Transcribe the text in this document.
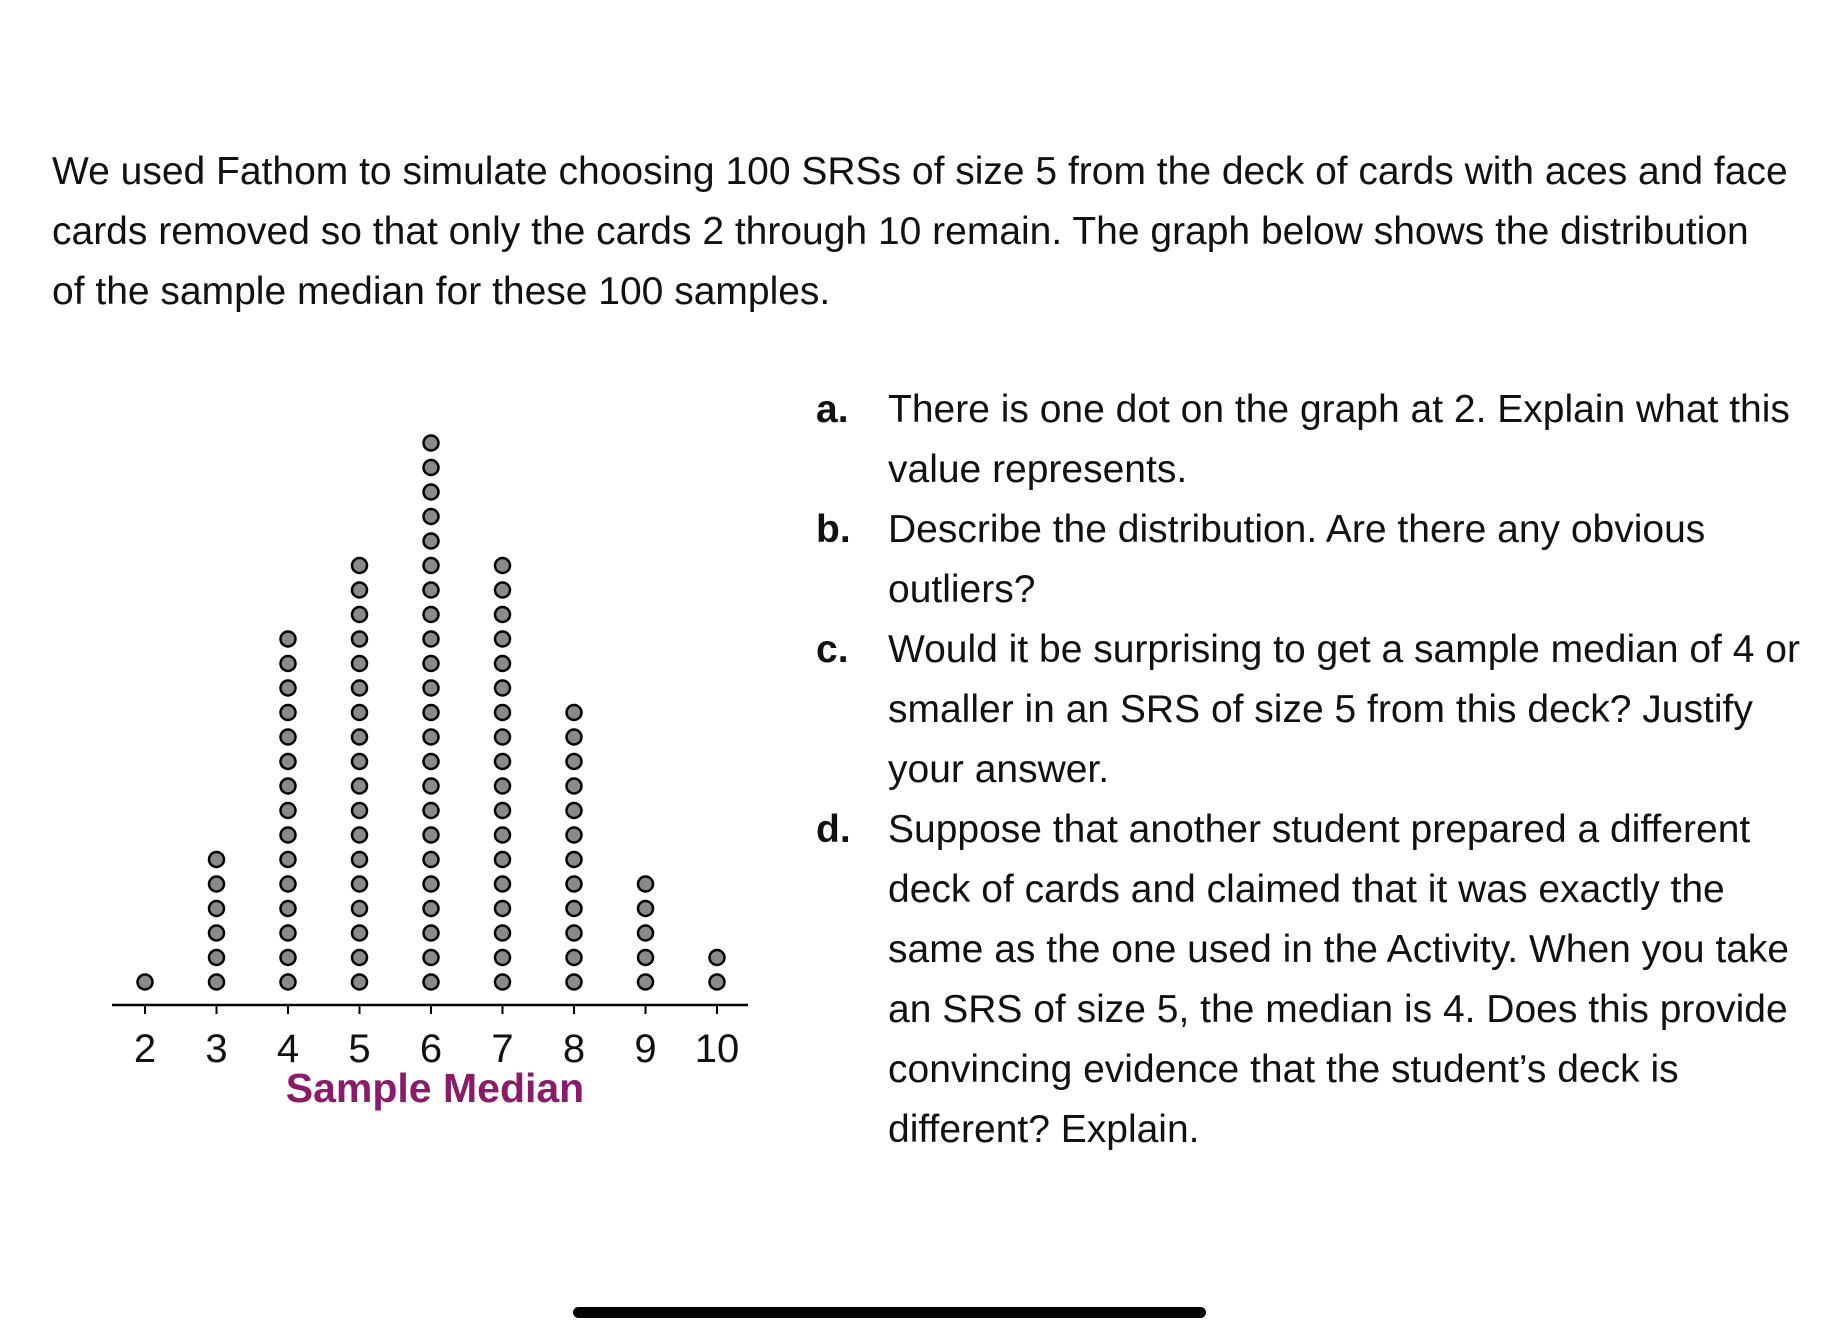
We used Fathom to simulate choosing 100 SRSs of size 5 from the deck of cards with aces and face cards removed so that only the cards 2 through 10 remain. The graph below shows the distribution of the sample median for these 100 samples.

2 3 4 5 6 7 8 9 10
Sample Median
a.	There is one dot on the graph at 2. Explain what this value represents.
b. Describe the distribution. Are there any obvious outliers?
c.	Would it be surprising to get a sample median of 4 or smaller in an SRS of size 5 from this deck? Justify your answer.
d. Suppose that another student prepared a different deck of cards and claimed that it was exactly the same as the one used in the Activity. When you take an SRS of size 5, the median is 4. Does this provide convincing evidence that the student’s deck is different? Explain.
